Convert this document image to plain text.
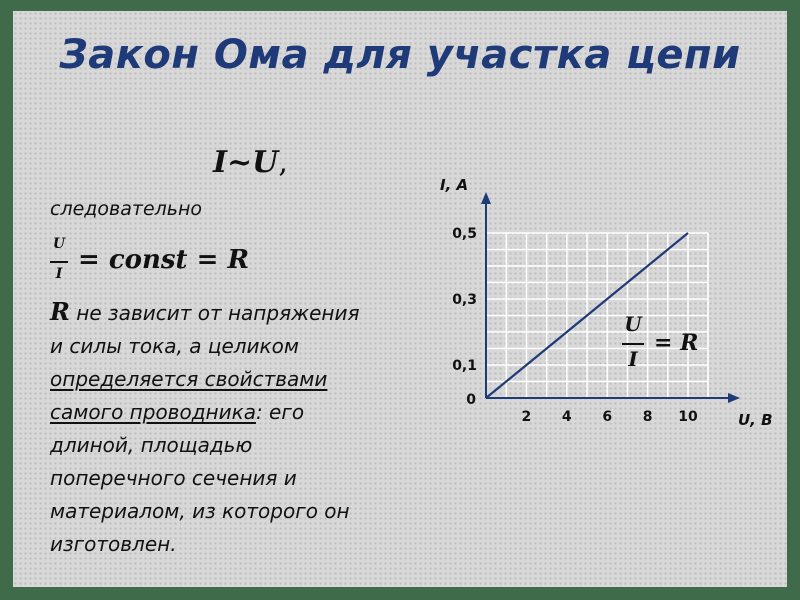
Закон Ома для участка цепи
I~U,
следовательно
U
I = const = R
R не зависит от напряжения
и силы тока, а целиком
определяется свойствами
самого проводника: его
длиной, площадью
поперечного сечения и
материалом, из которого он
изготовлен.
2 4 6 8 10
0,1
0,3
0,5
0
U, B
I, A
U
I
= R
